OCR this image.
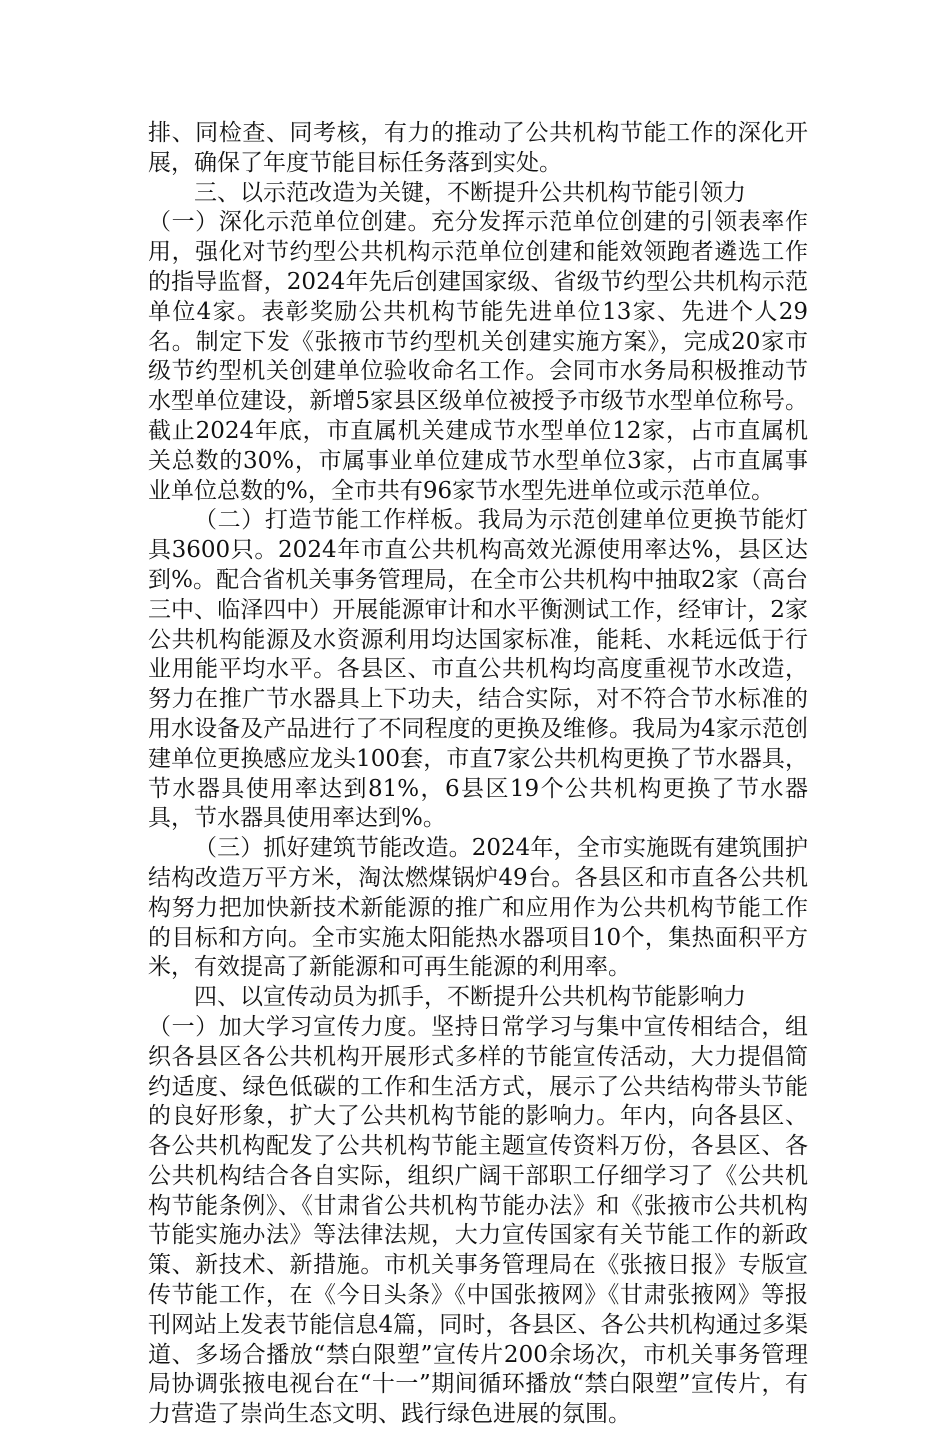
排、同检查、同考核，有力的推动了公共机构节能工作的深化开展，确保了年度节能目标任务落到实处。

三、以示范改造为关键，不断提升公共机构节能引领力

（一）深化示范单位创建。充分发挥示范单位创建的引领表率作用，强化对节约型公共机构示范单位创建和能效领跑者遴选工作的指导监督，2024年先后创建国家级、省级节约型公共机构示范单位4家。表彰奖励公共机构节能先进单位13家、先进个人29名。制定下发《张掖市节约型机关创建实施方案》，完成20家市级节约型机关创建单位验收命名工作。会同市水务局积极推动节水型单位建设，新增5家县区级单位被授予市级节水型单位称号。截止2024年底，市直属机关建成节水型单位12家，占市直属机关总数的30%，市属事业单位建成节水型单位3家，占市直属事业单位总数的%，全市共有96家节水型先进单位或示范单位。

（二）打造节能工作样板。我局为示范创建单位更换节能灯具3600只。2024年市直公共机构高效光源使用率达%，县区达到%。配合省机关事务管理局，在全市公共机构中抽取2家（高台三中、临泽四中）开展能源审计和水平衡测试工作，经审计，2家公共机构能源及水资源利用均达国家标准，能耗、水耗远低于行业用能平均水平。各县区、市直公共机构均高度重视节水改造，努力在推广节水器具上下功夫，结合实际，对不符合节水标准的用水设备及产品进行了不同程度的更换及维修。我局为4家示范创建单位更换感应龙头100套，市直7家公共机构更换了节水器具，节水器具使用率达到81%，6县区19个公共机构更换了节水器具，节水器具使用率达到%。

（三）抓好建筑节能改造。2024年，全市实施既有建筑围护结构改造万平方米，淘汰燃煤锅炉49台。各县区和市直各公共机构努力把加快新技术新能源的推广和应用作为公共机构节能工作的目标和方向。全市实施太阳能热水器项目10个，集热面积平方米，有效提高了新能源和可再生能源的利用率。

四、以宣传动员为抓手，不断提升公共机构节能影响力

（一）加大学习宣传力度。坚持日常学习与集中宣传相结合，组织各县区各公共机构开展形式多样的节能宣传活动，大力提倡简约适度、绿色低碳的工作和生活方式，展示了公共结构带头节能的良好形象，扩大了公共机构节能的影响力。年内，向各县区、各公共机构配发了公共机构节能主题宣传资料万份，各县区、各公共机构结合各自实际，组织广阔干部职工仔细学习了《公共机构节能条例》、《甘肃省公共机构节能办法》和《张掖市公共机构节能实施办法》等法律法规，大力宣传国家有关节能工作的新政策、新技术、新措施。市机关事务管理局在《张掖日报》专版宣传节能工作，在《今日头条》《中国张掖网》《甘肃张掖网》等报刊网站上发表节能信息4篇，同时，各县区、各公共机构通过多渠道、多场合播放“禁白限塑”宣传片200余场次，市机关事务管理局协调张掖电视台在“十一”期间循环播放“禁白限塑”宣传片，有力营造了崇尚生态文明、践行绿色进展的氛围。
